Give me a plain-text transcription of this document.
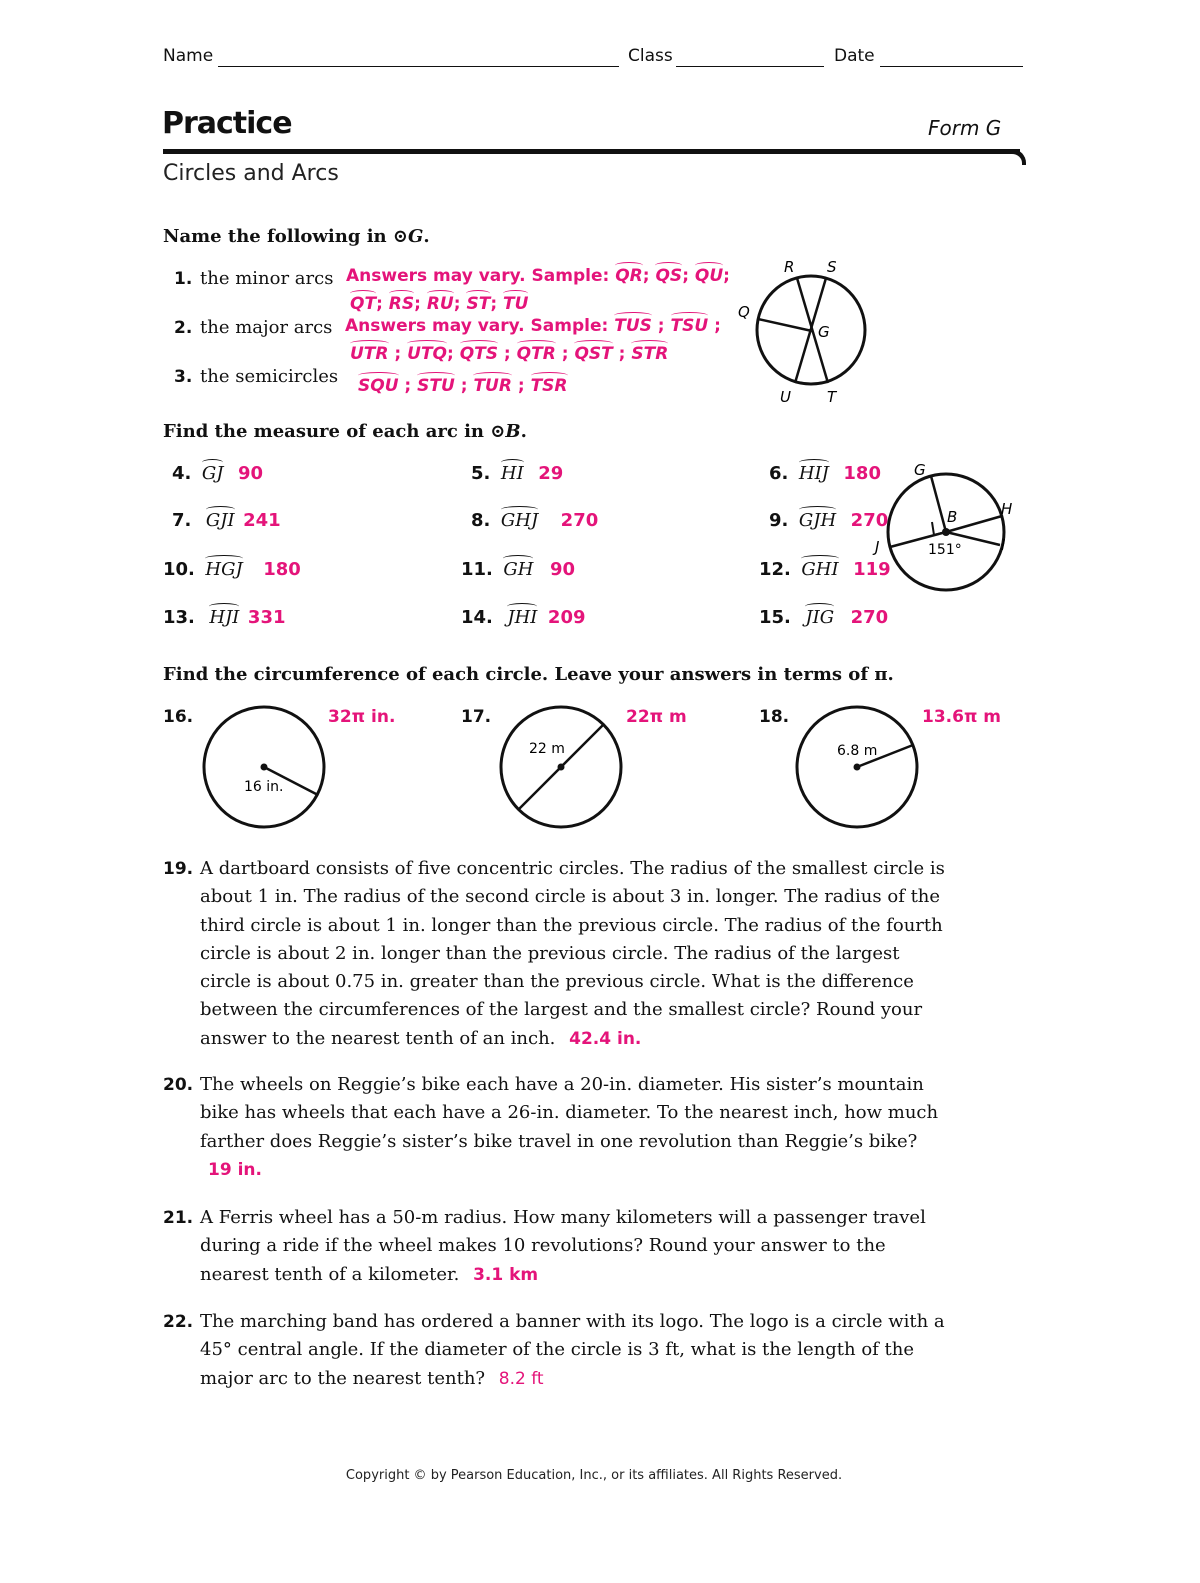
Name	Class	Date
Practice	Form G
Circles and Arcs
Name the following in ⊙G.
1. the minor arcs Answers may vary. Sample: QR; QS; QU;
QT; RS; RU; ST; TU
2. the major arcs Answers may vary. Sample: TUS ; TSU ;
UTR ; UTQ; QTS ; QTR ; QST ; STR
3. the semicircles SQU ; STU ; TUR ; TSR
R S
Q
G
U T
Find the measure of each arc in ⊙B.
4. GJ 90	5. HI 29	6. HIJ 180
7. GJI 241	8. GHJ 270	9. GJH 270
10. HGJ 180	11. GH 90	12. GHI 119
13. HJI 331	14. JHI 209	15. JIG 270
G
H
J	I
B
151°
Find the circumference of each circle. Leave your answers in terms of π.
16.	32π in.
16 in.
17.	22π m
22 m
18.	13.6π m
6.8 m
19. A dartboard consists of five concentric circles. The radius of the smallest circle is about 1 in. The radius of the second circle is about 3 in. longer. The radius of the third circle is about 1 in. longer than the previous circle. The radius of the fourth circle is about 2 in. longer than the previous circle. The radius of the largest circle is about 0.75 in. greater than the previous circle. What is the difference between the circumferences of the largest and the smallest circle? Round your answer to the nearest tenth of an inch. 42.4 in.
20. The wheels on Reggie’s bike each have a 20-in. diameter. His sister’s mountain bike has wheels that each have a 26-in. diameter. To the nearest inch, how much farther does Reggie’s sister’s bike travel in one revolution than Reggie’s bike? 19 in.
21. A Ferris wheel has a 50-m radius. How many kilometers will a passenger travel during a ride if the wheel makes 10 revolutions? Round your answer to the nearest tenth of a kilometer. 3.1 km
22. The marching band has ordered a banner with its logo. The logo is a circle with a 45° central angle. If the diameter of the circle is 3 ft, what is the length of the major arc to the nearest tenth? 8.2 ft
Copyright © by Pearson Education, Inc., or its affiliates. All Rights Reserved.
